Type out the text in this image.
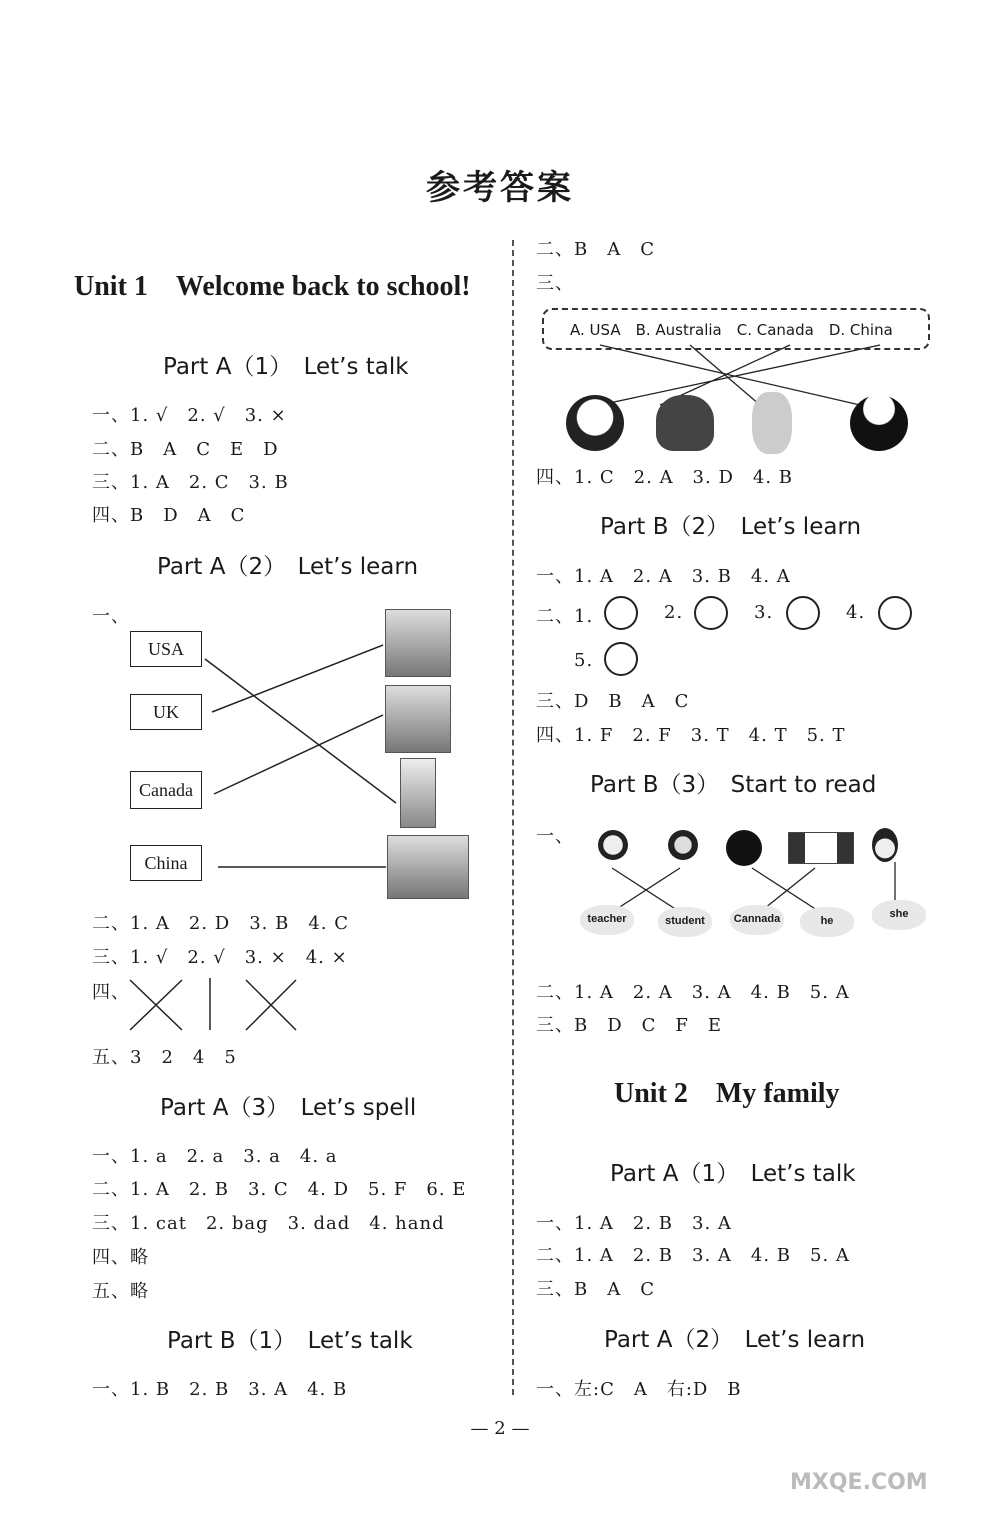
参考答案
Unit 1　Welcome back to school!
Part A（1）　Let’s talk
一、1. √　2. √　3. ×
二、B　A　C　E　D
三、1. A　2. C　3. B
四、B　D　A　C
Part A（2）　Let’s learn
一、
USA
UK
Canada
China
二、1. A　2. D　3. B　4. C
三、1. √　2. √　3. ×　4. ×
四、
五、3　2　4　5
Part A（3）　Let’s spell
一、1. a　2. a　3. a　4. a
二、1. A　2. B　3. C　4. D　5. F　6. E
三、1. cat　2. bag　3. dad　4. hand
四、略
五、略
Part B（1）　Let’s talk
一、1. B　2. B　3. A　4. B
二、B　A　C
三、
A. USA　B. Australia　C. Canada　D. China
四、1. C　2. A　3. D　4. B
Part B（2）　Let’s learn
一、1. A　2. A　3. B　4. A
二、1.	2.	3.	4.
5.
三、D　B　A　C
四、1. F　2. F　3. T　4. T　5. T
Part B（3）　Start to read
一、
teacher	student	Cannada	he
she
二、1. A　2. A　3. A　4. B　5. A
三、B　D　C　F　E
Unit 2　My family
Part A（1）　Let’s talk
一、1. A　2. B　3. A
二、1. A　2. B　3. A　4. B　5. A
三、B　A　C
Part A（2）　Let’s learn
一、左:C　A　右:D　B
— 2 —
MXQE.COM
